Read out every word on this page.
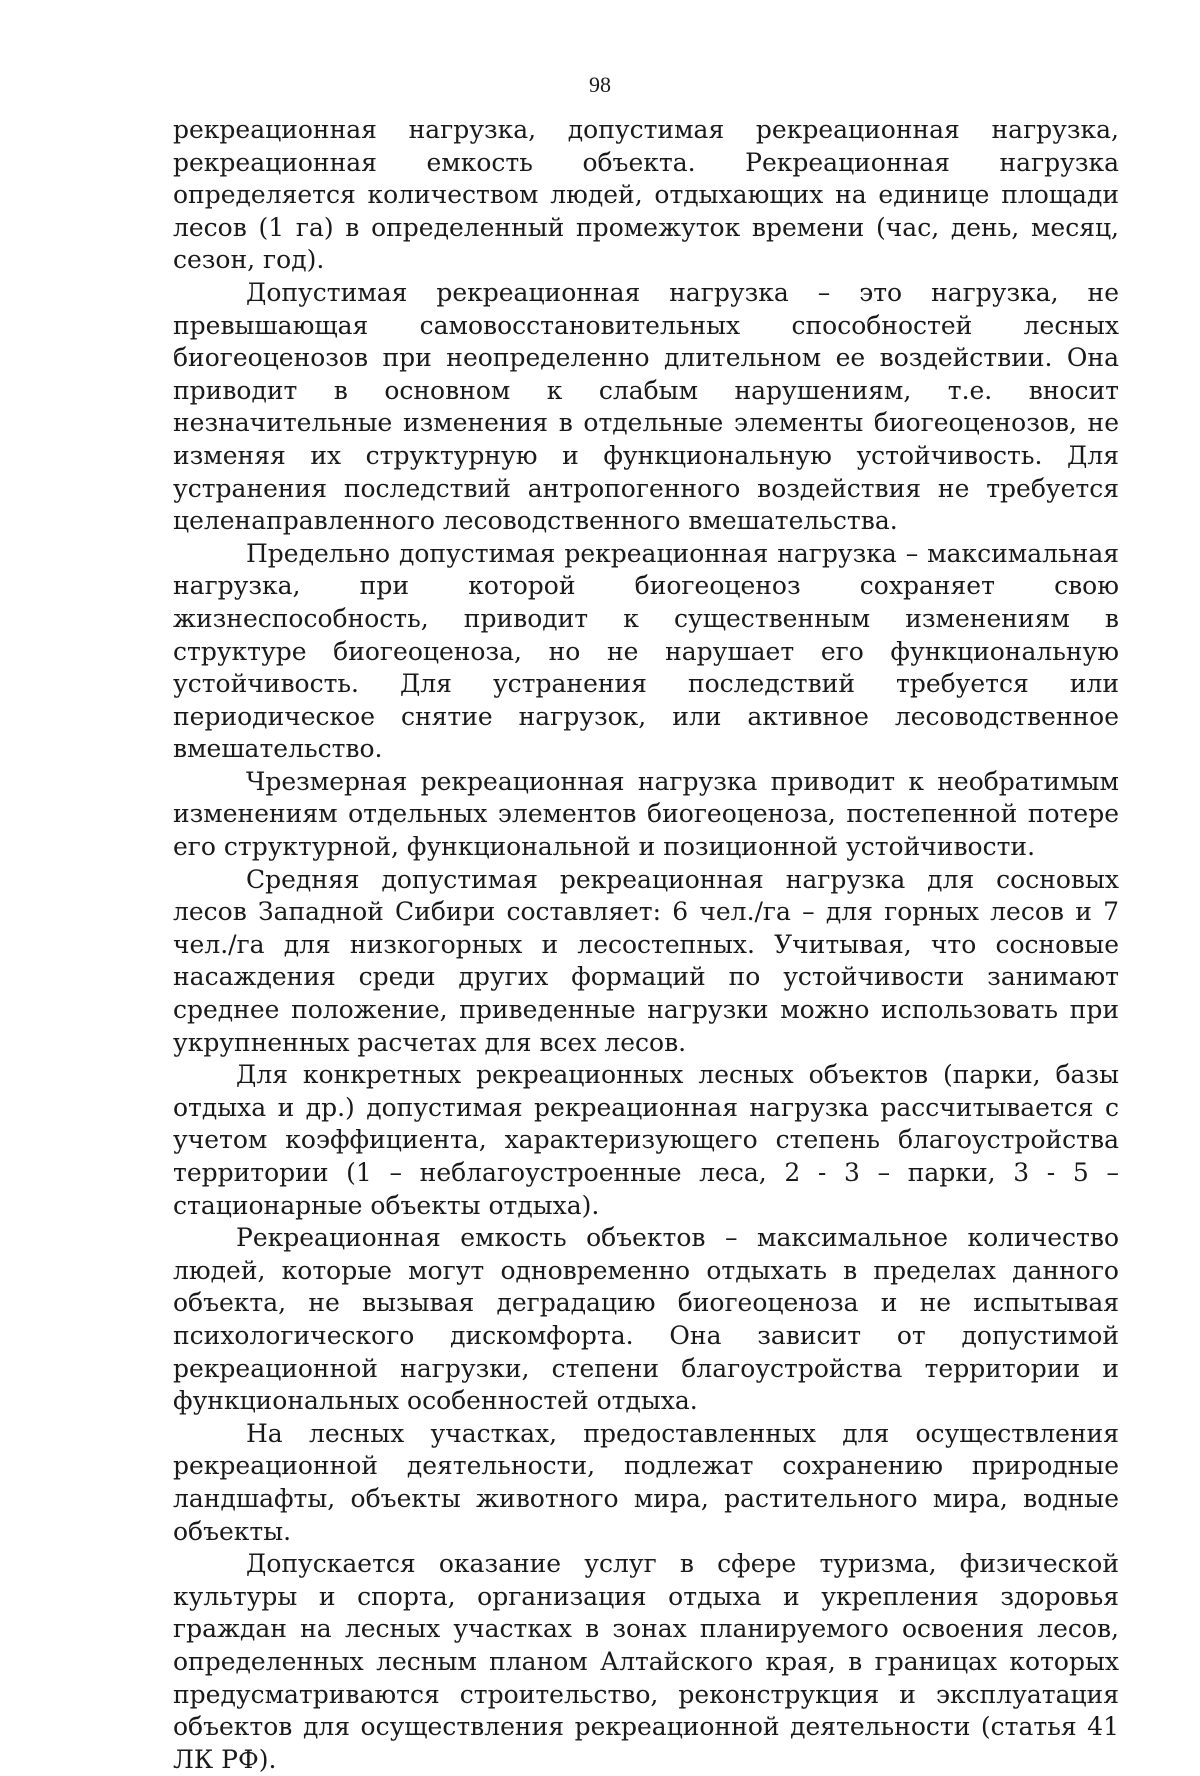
98

рекреационная нагрузка, допустимая рекреационная нагрузка, рекреационная емкость объекта. Рекреационная нагрузка определяется количеством людей, отдыхающих на единице площади лесов (1 га) в определенный промежуток времени (час, день, месяц, сезон, год).

Допустимая рекреационная нагрузка – это нагрузка, не превышающая самовосстановительных способностей лесных биогеоценозов при неопределенно длительном ее воздействии. Она приводит в основном к слабым нарушениям, т.е. вносит незначительные изменения в отдельные элементы биогеоценозов, не изменяя их структурную и функциональную устойчивость. Для устранения последствий антропогенного воздействия не требуется целенаправленного лесоводственного вмешательства.

Предельно допустимая рекреационная нагрузка – максимальная нагрузка, при которой биогеоценоз сохраняет свою жизнеспособность, приводит к существенным изменениям в структуре биогеоценоза, но не нарушает его функциональную устойчивость. Для устранения последствий требуется или периодическое снятие нагрузок, или активное лесоводственное вмешательство.

Чрезмерная рекреационная нагрузка приводит к необратимым изменениям отдельных элементов биогеоценоза, постепенной потере его структурной, функциональной и позиционной устойчивости.

Средняя допустимая рекреационная нагрузка для сосновых лесов Западной Сибири составляет: 6 чел./га – для горных лесов и 7 чел./га для низкогорных и лесостепных. Учитывая, что сосновые насаждения среди других формаций по устойчивости занимают среднее положение, приведенные нагрузки можно использовать при укрупненных расчетах для всех лесов.

Для конкретных рекреационных лесных объектов (парки, базы отдыха и др.) допустимая рекреационная нагрузка рассчитывается с учетом коэффициента, характеризующего степень благоустройства территории (1 – неблагоустроенные леса, 2 - 3 – парки, 3 - 5 – стационарные объекты отдыха).

Рекреационная емкость объектов – максимальное количество людей, которые могут одновременно отдыхать в пределах данного объекта, не вызывая деградацию биогеоценоза и не испытывая психологического дискомфорта. Она зависит от допустимой рекреационной нагрузки, степени благоустройства территории и функциональных особенностей отдыха.

На лесных участках, предоставленных для осуществления рекреационной деятельности, подлежат сохранению природные ландшафты, объекты животного мира, растительного мира, водные объекты.

Допускается оказание услуг в сфере туризма, физической культуры и спорта, организация отдыха и укрепления здоровья граждан на лесных участках в зонах планируемого освоения лесов, определенных лесным планом Алтайского края, в границах которых предусматриваются строительство, реконструкция и эксплуатация объектов для осуществления рекреационной деятельности (статья 41 ЛК РФ).
